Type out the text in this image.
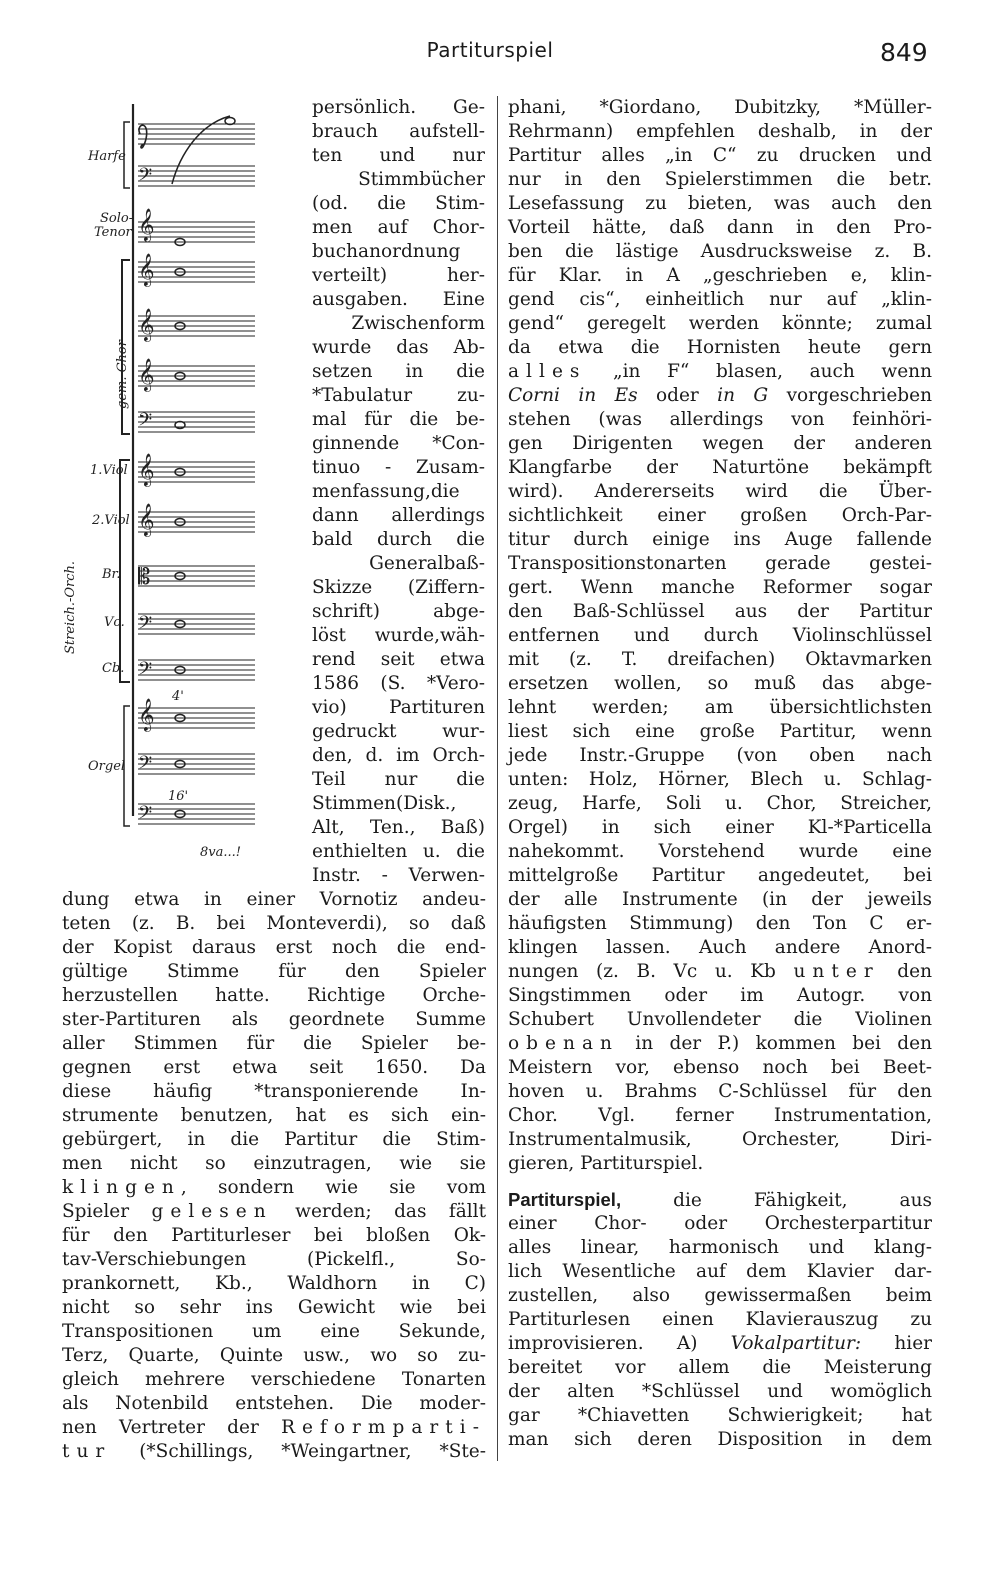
Partiturspiel	849
𝄞
𝄞
𝄞
𝄞
𝄢
𝄞
𝄞
𝄡
𝄢
𝄢
𝄞
𝄢
𝄢
𝄢
Harfe
Solo-
Tenor
gem. Chor
1.Viol
2.Viol
Streich.-Orch. Br.
Vc.
Cb.
Orgel
4'
16'
8va...!
persönlich. Ge-
brauch aufstell-
ten und nur
Stimmbücher
(od. die Stim-
men auf Chor-
buchanordnung
verteilt) her-
ausgaben. Eine
Zwischenform
wurde das Ab-
setzen in die
*Tabulatur zu-
mal für die be-
ginnende *Con-
tinuo - Zusam-
menfassung,die
dann allerdings
bald durch die
Generalbaß-
Skizze (Ziffern-
schrift) abge-
löst wurde,wäh-
rend seit etwa
1586 (S. *Vero-
vio) Partituren
gedruckt wur-
den, d. im Orch-
Teil nur die
Stimmen(Disk.,
Alt, Ten., Baß)
enthielten u. die
Instr. - Verwen-
dung etwa in einer Vornotiz andeu-
teten (z. B. bei Monteverdi), so daß
der Kopist daraus erst noch die end-
gültige Stimme für den Spieler
herzustellen hatte. Richtige Orche-
ster-Partituren als geordnete Summe
aller Stimmen für die Spieler be-
gegnen erst etwa seit 1650. Da
diese häufig *transponierende In-
strumente benutzen, hat es sich ein-
gebürgert, in die Partitur die Stim-
men nicht so einzutragen, wie sie
klingen, sondern wie sie vom
Spieler gelesen werden; das fällt
für den Partiturleser bei bloßen Ok-
tav-Verschiebungen (Pickelfl., So-
prankornett, Kb., Waldhorn in C)
nicht so sehr ins Gewicht wie bei
Transpositionen um eine Sekunde,
Terz, Quarte, Quinte usw., wo so zu-
gleich mehrere verschiedene Tonarten
als Notenbild entstehen. Die moder-
nen Vertreter der Reformparti-
tur (*Schillings, *Weingartner, *Ste-
phani, *Giordano, Dubitzky, *Müller-
Rehrmann) empfehlen deshalb, in der
Partitur alles „in C“ zu drucken und
nur in den Spielerstimmen die betr.
Lesefassung zu bieten, was auch den
Vorteil hätte, daß dann in den Pro-
ben die lästige Ausdrucksweise z. B.
für Klar. in A „geschrieben e, klin-
gend cis“, einheitlich nur auf „klin-
gend“ geregelt werden könnte; zumal
da etwa die Hornisten heute gern
alles „in F“ blasen, auch wenn
Corni in Es oder in G vorgeschrieben
stehen (was allerdings von feinhöri-
gen Dirigenten wegen der anderen
Klangfarbe der Naturtöne bekämpft
wird). Andererseits wird die Über-
sichtlichkeit einer großen Orch-Par-
titur durch einige ins Auge fallende
Transpositionstonarten gerade gestei-
gert. Wenn manche Reformer sogar
den Baß-Schlüssel aus der Partitur
entfernen und durch Violinschlüssel
mit (z. T. dreifachen) Oktavmarken
ersetzen wollen, so muß das abge-
lehnt werden; am übersichtlichsten
liest sich eine große Partitur, wenn
jede Instr.-Gruppe (von oben nach
unten: Holz, Hörner, Blech u. Schlag-
zeug, Harfe, Soli u. Chor, Streicher,
Orgel) in sich einer Kl-*Particella
nahekommt. Vorstehend wurde eine
mittelgroße Partitur angedeutet, bei
der alle Instrumente (in der jeweils
häufigsten Stimmung) den Ton C er-
klingen lassen. Auch andere Anord-
nungen (z. B. Vc u. Kb unter den
Singstimmen oder im Autogr. von
Schubert Unvollendeter die Violinen
obenan in der P.) kommen bei den
Meistern vor, ebenso noch bei Beet-
hoven u. Brahms C-Schlüssel für den
Chor. Vgl. ferner Instrumentation,
Instrumentalmusik, Orchester, Diri-
gieren, Partiturspiel.
Partiturspiel, die Fähigkeit, aus
einer Chor- oder Orchesterpartitur
alles linear, harmonisch und klang-
lich Wesentliche auf dem Klavier dar-
zustellen, also gewissermaßen beim
Partiturlesen einen Klavierauszug zu
improvisieren. A) Vokalpartitur: hier
bereitet vor allem die Meisterung
der alten *Schlüssel und womöglich
gar *Chiavetten Schwierigkeit; hat
man sich deren Disposition in dem
